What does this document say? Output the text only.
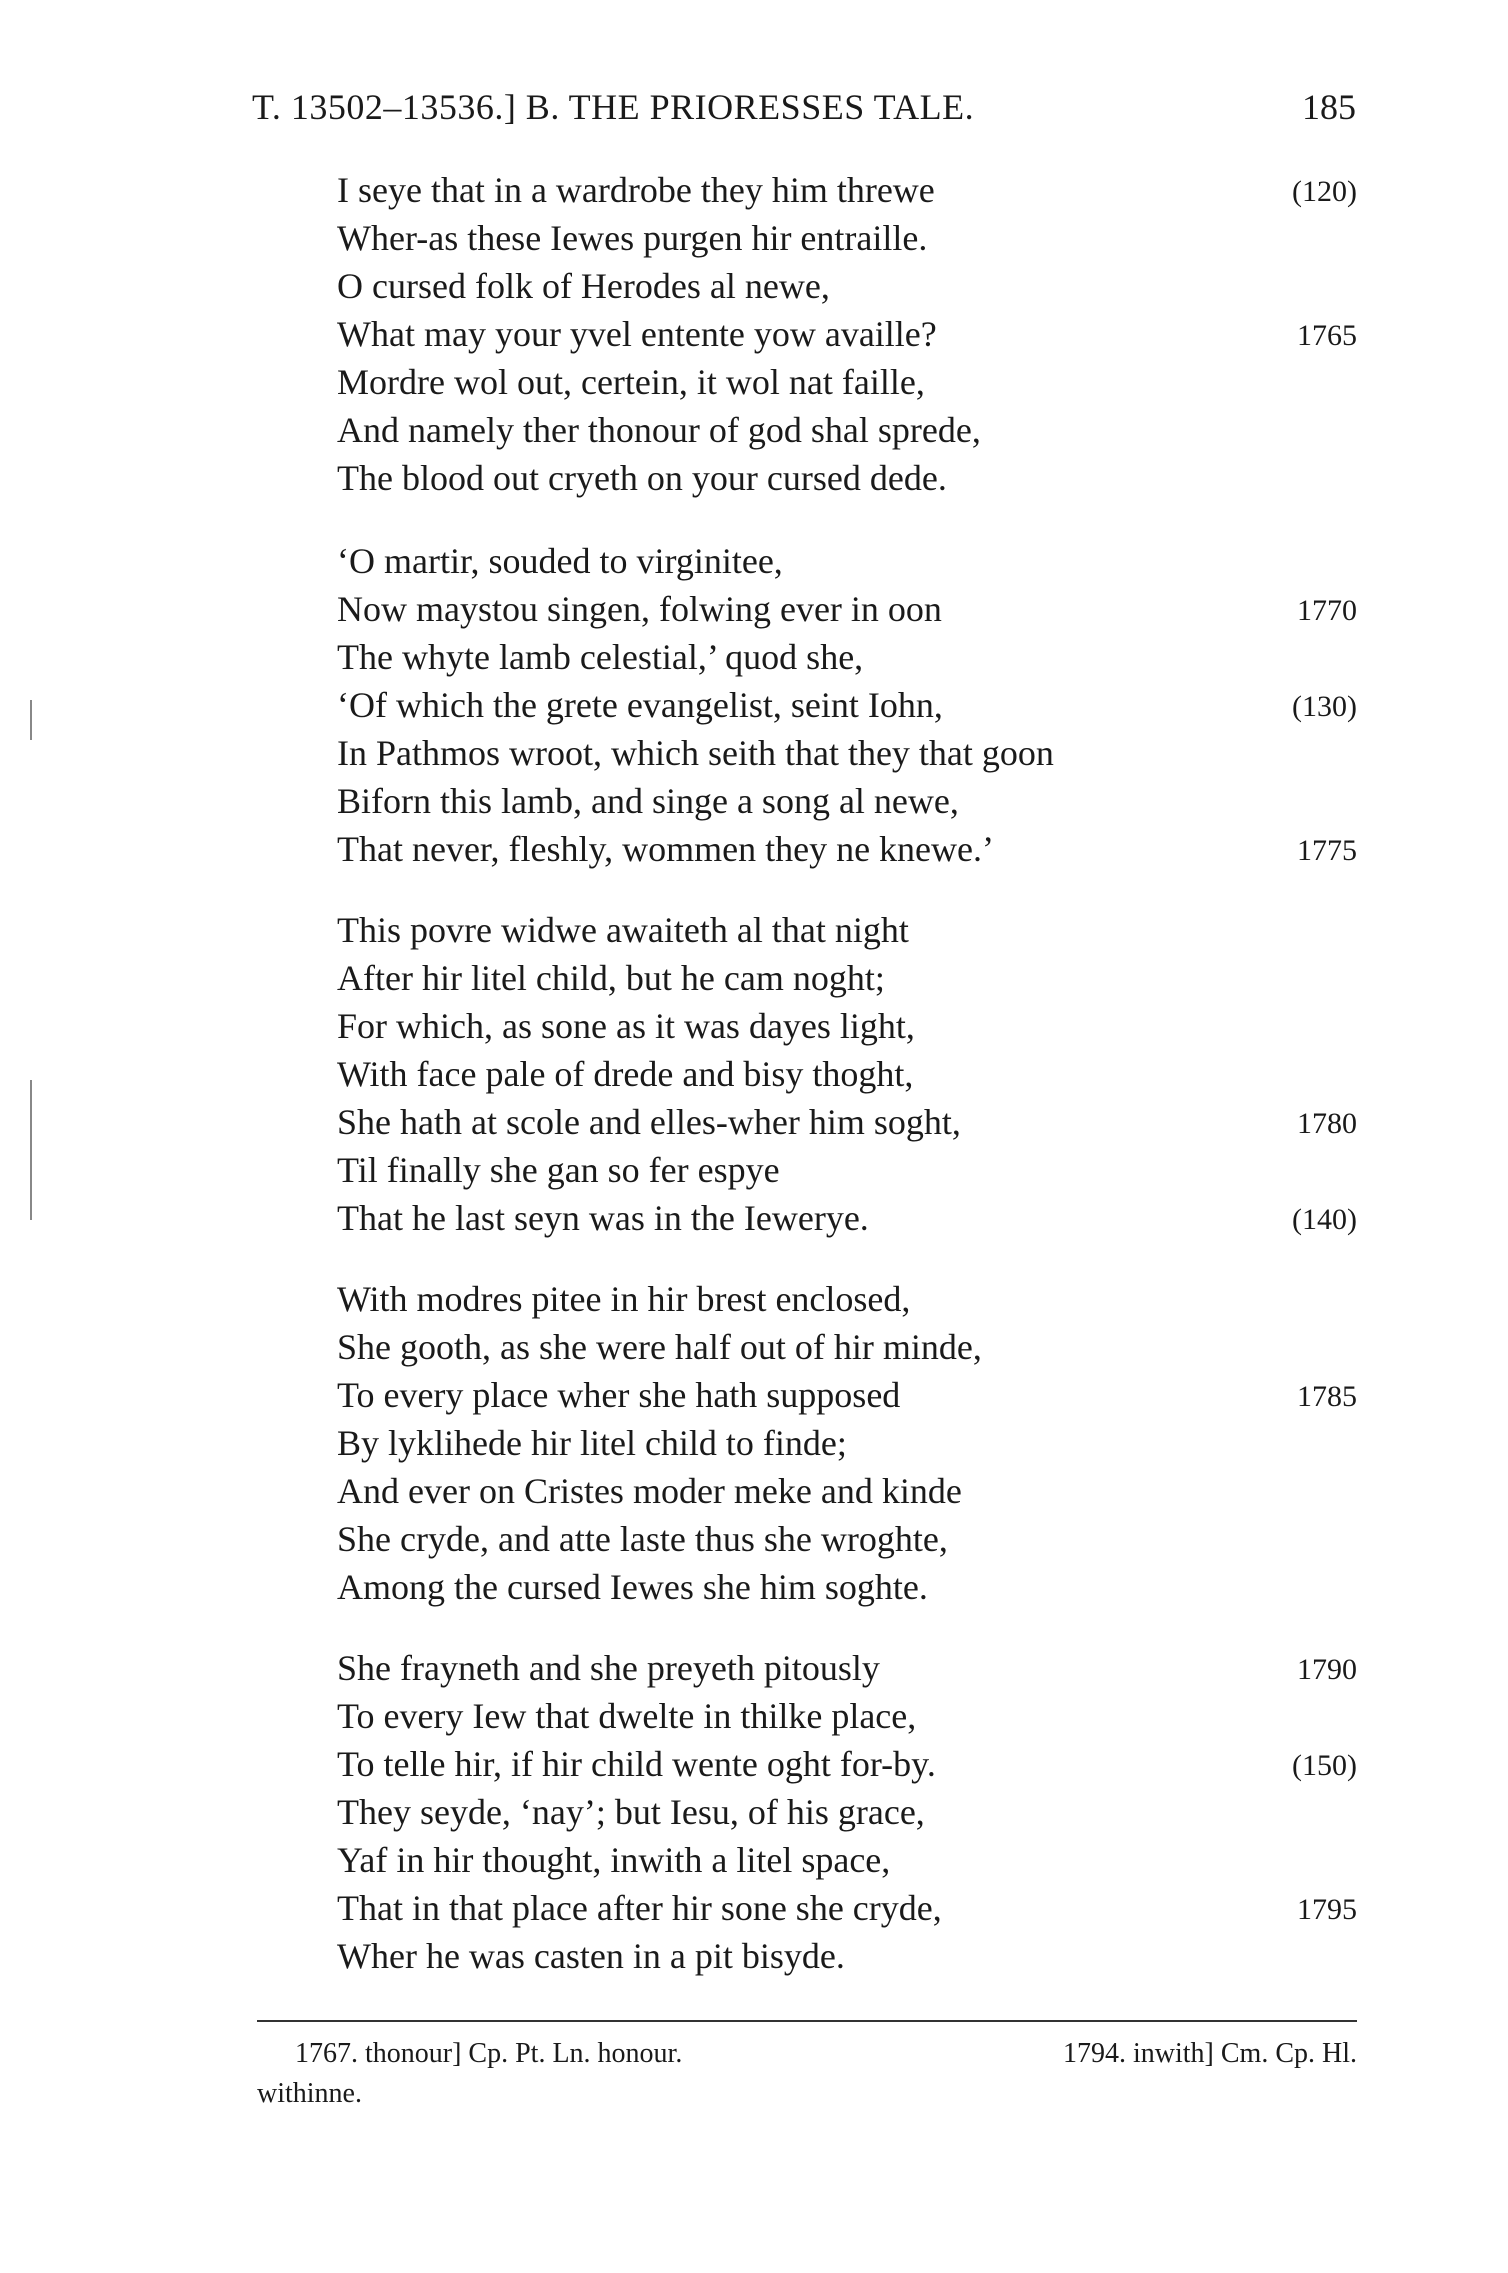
T. 13502–13536.] B. THE PRIORESSES TALE.	185
I seye that in a wardrobe they him threwe	(120)
Wher-as these Iewes purgen hir entraille.
O cursed folk of Herodes al newe,
What may your yvel entente yow availle?	1765
Mordre wol out, certein, it wol nat faille,
And namely ther thonour of god shal sprede,
The blood out cryeth on your cursed dede.
‘O martir, souded to virginitee,
Now maystou singen, folwing ever in oon	1770
The whyte lamb celestial,’ quod she,
‘Of which the grete evangelist, seint Iohn,	(130)
In Pathmos wroot, which seith that they that goon
Biforn this lamb, and singe a song al newe,
That never, fleshly, wommen they ne knewe.’	1775
This povre widwe awaiteth al that night
After hir litel child, but he cam noght;
For which, as sone as it was dayes light,
With face pale of drede and bisy thoght,
She hath at scole and elles-wher him soght,	1780
Til finally she gan so fer espye
That he last seyn was in the Iewerye.	(140)
With modres pitee in hir brest enclosed,
She gooth, as she were half out of hir minde,
To every place wher she hath supposed	1785
By lyklihede hir litel child to finde;
And ever on Cristes moder meke and kinde
She cryde, and atte laste thus she wroghte,
Among the cursed Iewes she him soghte.
She frayneth and she preyeth pitously	1790
To every Iew that dwelte in thilke place,
To telle hir, if hir child wente oght for-by.	(150)
They seyde, ‘nay’; but Iesu, of his grace,
Yaf in hir thought, inwith a litel space,
That in that place after hir sone she cryde,	1795
Wher he was casten in a pit bisyde.
1767. thonour] Cp. Pt. Ln. honour.	1794. inwith] Cm. Cp. Hl.
withinne.
